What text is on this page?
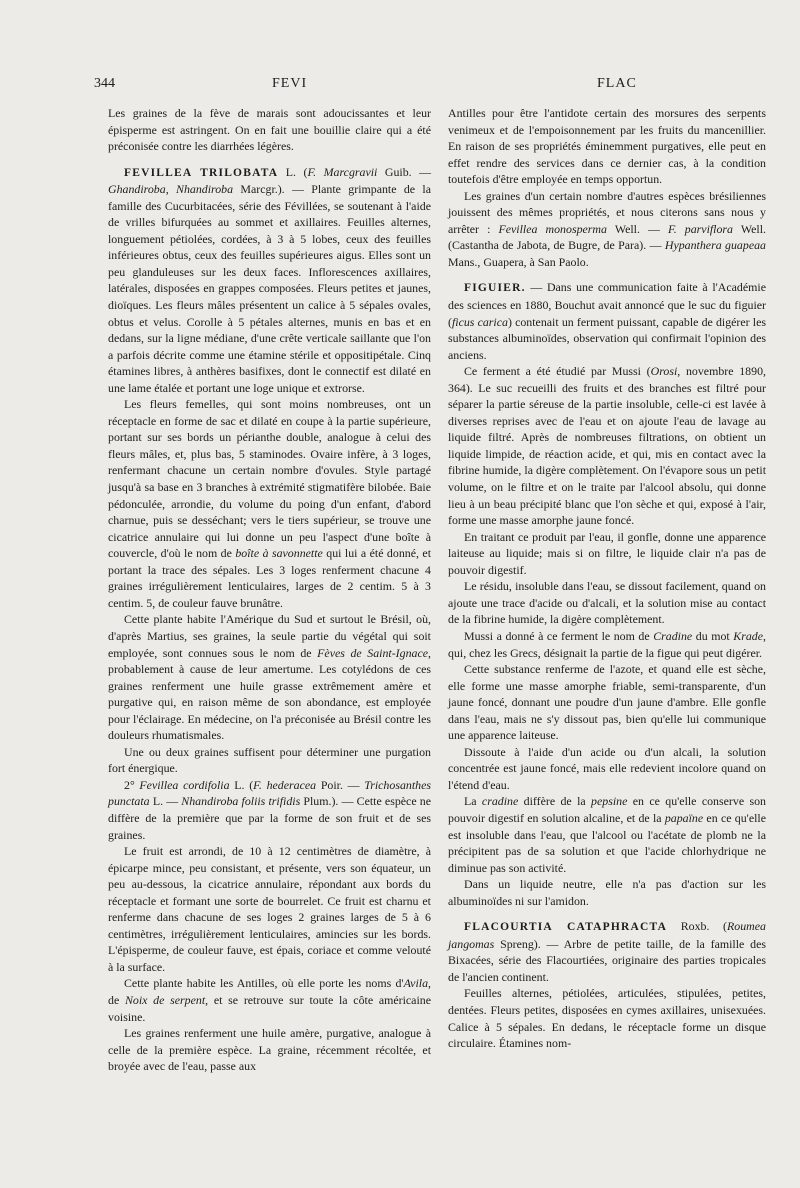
344	FEVI	FLAC

Les graines de la fève de marais sont adoucissantes et leur épisperme est astringent. On en fait une bouillie claire qui a été préconisée contre les diarrhées légères.

FEVILLEA TRILOBATA L. (F. Marcgravii Guib. — Ghandiroba, Nhandiroba Marcgr.). — Plante grimpante de la famille des Cucurbitacées, série des Févillées, se soutenant à l'aide de vrilles bifurquées au sommet et axillaires. Feuilles alternes, longuement pétiolées, cordées, à 3 à 5 lobes, ceux des feuilles inférieures obtus, ceux des feuilles supérieures aigus. Elles sont un peu glanduleuses sur les deux faces. Inflorescences axillaires, latérales, disposées en grappes composées. Fleurs petites et jaunes, dioïques. Les fleurs mâles présentent un calice à 5 sépales ovales, obtus et velus. Corolle à 5 pétales alternes, munis en bas et en dedans, sur la ligne médiane, d'une crête verticale saillante que l'on a parfois décrite comme une étamine stérile et oppositipétale. Cinq étamines libres, à anthères basifixes, dont le connectif est dilaté en une lame étalée et portant une loge unique et extrorse.

Les fleurs femelles, qui sont moins nombreuses, ont un réceptacle en forme de sac et dilaté en coupe à la partie supérieure, portant sur ses bords un périanthe double, analogue à celui des fleurs mâles, et, plus bas, 5 staminodes. Ovaire infère, à 3 loges, renfermant chacune un certain nombre d'ovules. Style partagé jusqu'à sa base en 3 branches à extrémité stigmatifère bilobée. Baie pédonculée, arrondie, du volume du poing d'un enfant, d'abord charnue, puis se desséchant; vers le tiers supérieur, se trouve une cicatrice annulaire qui lui donne un peu l'aspect d'une boîte à couvercle, d'où le nom de boîte à savonnette qui lui a été donné, et portant la trace des sépales. Les 3 loges renferment chacune 4 graines irrégulièrement lenticulaires, larges de 2 centim. 5 à 3 centim. 5, de couleur fauve brunâtre.

Cette plante habite l'Amérique du Sud et surtout le Brésil, où, d'après Martius, ses graines, la seule partie du végétal qui soit employée, sont connues sous le nom de Fèves de Saint-Ignace, probablement à cause de leur amertume. Les cotylédons de ces graines renferment une huile grasse extrêmement amère et purgative qui, en raison même de son abondance, est employée pour l'éclairage. En médecine, on l'a préconisée au Brésil contre les douleurs rhumatismales.

Une ou deux graines suffisent pour déterminer une purgation fort énergique.

2° Fevillea cordifolia L. (F. hederacea Poir. — Trichosanthes punctata L. — Nhandiroba foliis trifidis Plum.). — Cette espèce ne diffère de la première que par la forme de son fruit et de ses graines.

Le fruit est arrondi, de 10 à 12 centimètres de diamètre, à épicarpe mince, peu consistant, et présente, vers son équateur, un peu au-dessous, la cicatrice annulaire, répondant aux bords du réceptacle et formant une sorte de bourrelet. Ce fruit est charnu et renferme dans chacune de ses loges 2 graines larges de 5 à 6 centimètres, irrégulièrement lenticulaires, amincies sur les bords. L'épisperme, de couleur fauve, est épais, coriace et comme velouté à la surface.

Cette plante habite les Antilles, où elle porte les noms d'Avila, de Noix de serpent, et se retrouve sur toute la côte américaine voisine.

Les graines renferment une huile amère, purgative, analogue à celle de la première espèce. La graine, récemment récoltée, et broyée avec de l'eau, passe aux

Antilles pour être l'antidote certain des morsures des serpents venimeux et de l'empoisonnement par les fruits du mancenillier. En raison de ses propriétés éminemment purgatives, elle peut en effet rendre des services dans ce dernier cas, à la condition toutefois d'être employée en temps opportun.

Les graines d'un certain nombre d'autres espèces brésiliennes jouissent des mêmes propriétés, et nous citerons sans nous y arrêter : Fevillea monosperma Well. — F. parviflora Well. (Castantha de Jabota, de Bugre, de Para). — Hypanthera guapeaa Mans., Guapera, à San Paolo.

FIGUIER. — Dans une communication faite à l'Académie des sciences en 1880, Bouchut avait annoncé que le suc du figuier (ficus carica) contenait un ferment puissant, capable de digérer les substances albuminoïdes, observation qui confirmait l'opinion des anciens.

Ce ferment a été étudié par Mussi (Orosi, novembre 1890, 364). Le suc recueilli des fruits et des branches est filtré pour séparer la partie séreuse de la partie insoluble, celle-ci est lavée à diverses reprises avec de l'eau et on ajoute l'eau de lavage au liquide filtré. Après de nombreuses filtrations, on obtient un liquide limpide, de réaction acide, et qui, mis en contact avec la fibrine humide, la digère complètement. On l'évapore sous un petit volume, on le filtre et on le traite par l'alcool absolu, qui donne lieu à un beau précipité blanc que l'on sèche et qui, exposé à l'air, forme une masse amorphe jaune foncé.

En traitant ce produit par l'eau, il gonfle, donne une apparence laiteuse au liquide; mais si on filtre, le liquide clair n'a pas de pouvoir digestif.

Le résidu, insoluble dans l'eau, se dissout facilement, quand on ajoute une trace d'acide ou d'alcali, et la solution mise au contact de la fibrine humide, la digère complètement.

Mussi a donné à ce ferment le nom de Cradine du mot Krade, qui, chez les Grecs, désignait la partie de la figue qui peut digérer.

Cette substance renferme de l'azote, et quand elle est sèche, elle forme une masse amorphe friable, semi-transparente, d'un jaune foncé, donnant une poudre d'un jaune d'ambre. Elle gonfle dans l'eau, mais ne s'y dissout pas, bien qu'elle lui communique une apparence laiteuse.

Dissoute à l'aide d'un acide ou d'un alcali, la solution concentrée est jaune foncé, mais elle redevient incolore quand on l'étend d'eau.

La cradine diffère de la pepsine en ce qu'elle conserve son pouvoir digestif en solution alcaline, et de la papaïne en ce qu'elle est insoluble dans l'eau, que l'alcool ou l'acétate de plomb ne la précipitent pas de sa solution et que l'acide chlorhydrique ne diminue pas son activité.

Dans un liquide neutre, elle n'a pas d'action sur les albuminoïdes ni sur l'amidon.

FLACOURTIA CATAPHRACTA Roxb. (Roumea jangomas Spreng). — Arbre de petite taille, de la famille des Bixacées, série des Flacourtiées, originaire des parties tropicales de l'ancien continent.

Feuilles alternes, pétiolées, articulées, stipulées, petites, dentées. Fleurs petites, disposées en cymes axillaires, unisexuées. Calice à 5 sépales. En dedans, le réceptacle forme un disque circulaire. Étamines nom-
